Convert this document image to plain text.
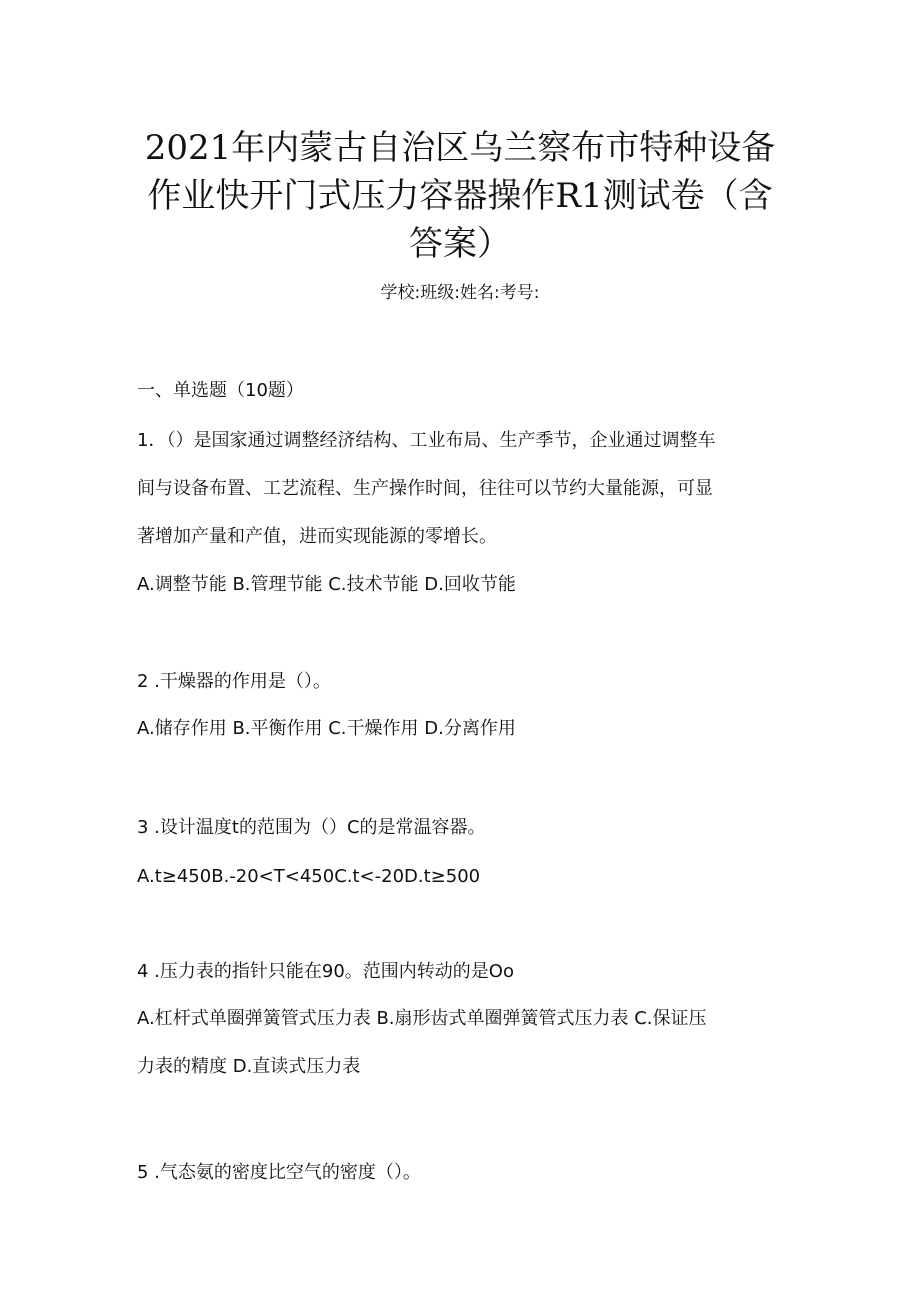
2021年内蒙古自治区乌兰察布市特种设备
作业快开门式压力容器操作R1测试卷（含
答案）
学校:班级:姓名:考号:
一、单选题（10题）
1．（）是国家通过调整经济结构、工业布局、生产季节，企业通过调整车
间与设备布置、工艺流程、生产操作时间，往往可以节约大量能源，可显
著增加产量和产值，进而实现能源的零增长。
A.调整节能 B.管理节能 C.技术节能 D.回收节能
2 .干燥器的作用是（）。
A.储存作用 B.平衡作用 C.干燥作用 D.分离作用
3 .设计温度t的范围为（）C的是常温容器。
A.t≥450B.-20<T<450C.t<-20D.t≥500
4 .压力表的指针只能在90。范围内转动的是Oo
A.杠杆式单圈弹簧管式压力表 B.扇形齿式单圈弹簧管式压力表 C.保证压
力表的精度 D.直读式压力表
5 .气态氨的密度比空气的密度（）。
